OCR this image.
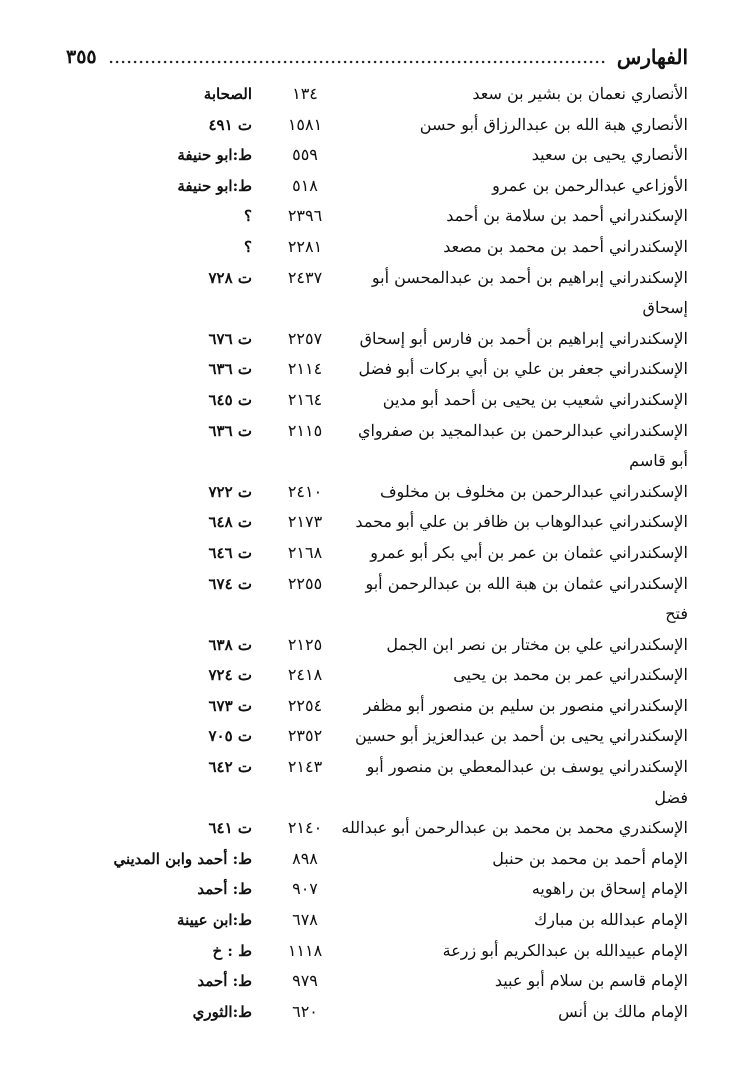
الفهارس
٣٥٥
الأنصاري نعمان بن بشير بن سعد
١٣٤
الصحابة
الأنصاري هبة الله بن عبدالرزاق أبو حسن
١٥٨١
ت ٤٩١
الأنصاري يحيى بن سعيد
٥٥٩
ط:ابو حنيفة
الأوزاعي عبدالرحمن بن عمرو
٥١٨
ط:ابو حنيفة
الإسكندراني أحمد بن سلامة بن أحمد
٢٣٩٦
؟
الإسكندراني أحمد بن محمد بن مصعد
٢٢٨١
؟
الإسكندراني إبراهيم بن أحمد بن عبدالمحسن أبو
٢٤٣٧
ت ٧٢٨
إسحاق
الإسكندراني إبراهيم بن أحمد بن فارس أبو إسحاق
٢٢٥٧
ت ٦٧٦
الإسكندراني جعفر بن علي بن أبي بركات أبو فضل
٢١١٤
ت ٦٣٦
الإسكندراني شعيب بن يحيى بن أحمد أبو مدين
٢١٦٤
ت ٦٤٥
الإسكندراني عبدالرحمن بن عبدالمجيد بن صفرواي
٢١١٥
ت ٦٣٦
أبو قاسم
الإسكندراني عبدالرحمن بن مخلوف بن مخلوف
٢٤١٠
ت ٧٢٢
الإسكندراني عبدالوهاب بن ظافر بن علي أبو محمد
٢١٧٣
ت ٦٤٨
الإسكندراني عثمان بن عمر بن أبي بكر أبو عمرو
٢١٦٨
ت ٦٤٦
الإسكندراني عثمان بن هبة الله بن عبدالرحمن أبو
٢٢٥٥
ت ٦٧٤
فتح
الإسكندراني علي بن مختار بن نصر ابن الجمل
٢١٢٥
ت ٦٣٨
الإسكندراني عمر بن محمد بن يحيى
٢٤١٨
ت ٧٢٤
الإسكندراني منصور بن سليم بن منصور أبو مظفر
٢٢٥٤
ت ٦٧٣
الإسكندراني يحيى بن أحمد بن عبدالعزيز أبو حسين
٢٣٥٢
ت ٧٠٥
الإسكندراني يوسف بن عبدالمعطي بن منصور أبو
٢١٤٣
ت ٦٤٢
فضل
الإسكندري محمد بن محمد بن عبدالرحمن أبو عبدالله
٢١٤٠
ت ٦٤١
الإمام أحمد بن محمد بن حنبل
٨٩٨
ط: أحمد وابن المديني
الإمام إسحاق بن راهويه
٩٠٧
ط: أحمد
الإمام عبدالله بن مبارك
٦٧٨
ط:ابن عيينة
الإمام عبيدالله بن عبدالكريم أبو زرعة
١١١٨
ط : خ
الإمام قاسم بن سلام أبو عبيد
٩٧٩
ط: أحمد
الإمام مالك بن أنس
٦٢٠
ط:الثوري
